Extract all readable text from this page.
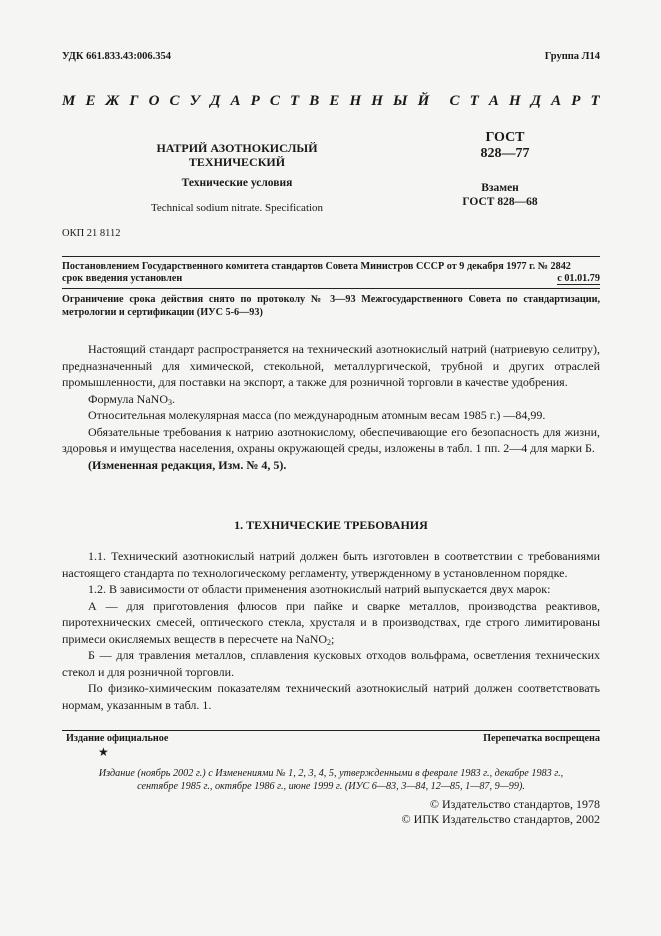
УДК 661.833.43:006.354	Группа Л14
М Е Ж Г О С У Д А Р С Т В Е Н Н Ы Й С Т А Н Д А Р Т
НАТРИЙ АЗОТНОКИСЛЫЙ
ТЕХНИЧЕСКИЙ
Технические условия
Technical sodium nitrate. Specification
ГОСТ
828—77
Взамен
ГОСТ 828—68
ОКП 21 8112
Постановлением Государственного комитета стандартов Совета Министров СССР от 9 декабря 1977 г. № 2842
срок введения установлен	с 01.01.79
Ограничение срока действия снято по протоколу № 3—93 Межгосударственного Совета по стандартизации, метрологии и сертификации (ИУС 5-6—93)

Настоящий стандарт распространяется на технический азотнокислый натрий (натриевую селитру), предназначенный для химической, стекольной, металлургической, трубной и других отраслей промышленности, для поставки на экспорт, а также для розничной торговли в качестве удобрения.

Формула NaNO$_3$.

Относительная молекулярная масса (по международным атомным весам 1985 г.) —84,99.

Обязательные требования к натрию азотнокислому, обеспечивающие его безопасность для жизни, здоровья и имущества населения, охраны окружающей среды, изложены в табл. 1 пп. 2—4 для марки Б.

(Измененная редакция, Изм. № 4, 5).

1. ТЕХНИЧЕСКИЕ ТРЕБОВАНИЯ

1.1. Технический азотнокислый натрий должен быть изготовлен в соответствии с требованиями настоящего стандарта по технологическому регламенту, утвержденному в установленном порядке.

1.2. В зависимости от области применения азотнокислый натрий выпускается двух марок:

А — для приготовления флюсов при пайке и сварке металлов, производства реактивов, пиротехнических смесей, оптического стекла, хрусталя и в производствах, где строго лимитированы примеси окисляемых веществ в пересчете на NaNO$_2$;

Б — для травления металлов, сплавления кусковых отходов вольфрама, осветления технических стекол и для розничной торговли.

По физико-химическим показателям технический азотнокислый натрий должен соответствовать нормам, указанным в табл. 1.

Издание официальное
★
Перепечатка воспрещена
Издание (ноябрь 2002 г.) с Изменениями № 1, 2, 3, 4, 5, утвержденными в феврале 1983 г., декабре 1983 г.,
сентябре 1985 г., октябре 1986 г., июне 1999 г. (ИУС 6—83, 3—84, 12—85, 1—87, 9—99).
© Издательство стандартов, 1978
© ИПК Издательство стандартов, 2002
